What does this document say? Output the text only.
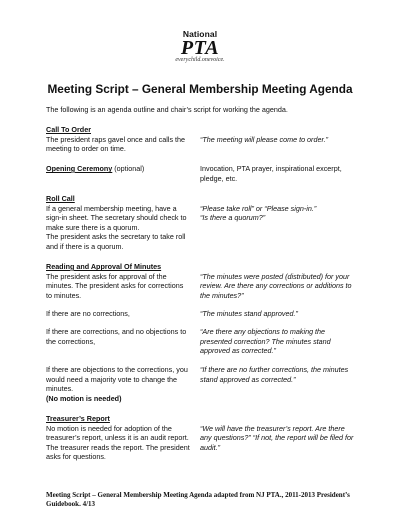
National
PTA
everychild.onevoice.
Meeting Script – General Membership Meeting Agenda
The following is an agenda outline and chair’s script for working the agenda.
Call To Order
The president raps gavel once and calls the meeting to order on time.
“The meeting will please come to order.”
Opening Ceremony (optional)	Invocation, PTA prayer, inspirational excerpt, pledge, etc.
Roll Call
If a general membership meeting, have a sign-in sheet. The secretary should check to make sure there is a quorum.
The president asks the secretary to take roll and if there is a quorum.
“Please take roll” or “Please sign-in.”
“Is there a quorum?”
Reading and Approval Of Minutes
The president asks for approval of the minutes. The president asks for corrections to minutes.
“The minutes were posted (distributed) for your review. Are there any corrections or additions to the minutes?”
If there are no corrections,	“The minutes stand approved.”
If there are corrections, and no objections to the corrections,
“Are there any objections to making the presented correction? The minutes stand approved as corrected.”
If there are objections to the corrections, you would need a majority vote to change the minutes.
(No motion is needed)
“If there are no further corrections, the minutes stand approved as corrected.”
Treasurer’s Report
No motion is needed for adoption of the treasurer’s report, unless it is an audit report. The treasurer reads the report. The president asks for questions.
“We will have the treasurer’s report. Are there any questions?” “If not, the report will be filed for audit.”
Meeting Script – General Membership Meeting Agenda adapted from NJ PTA., 2011-2013 President’s Guidebook. 4/13
